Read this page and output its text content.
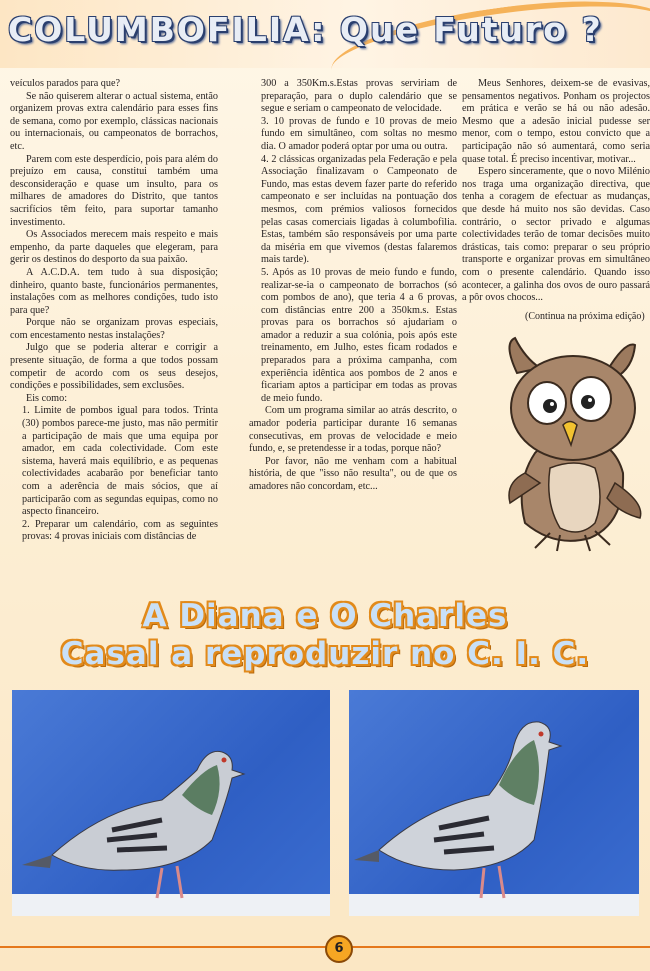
COLUMBOFILIA: Que Futuro ?

veículos parados para que?

Se não quiserem alterar o actual sistema, então organizem provas extra calendário para esses fins de semana, como por exemplo, clássicas nacionais ou internacionais, ou campeonatos de borrachos, etc.

Parem com este desperdício, pois para além do prejuízo em causa, constitui também uma desconsideração e quase um insulto, para os milhares de amadores do Distrito, que tantos sacrifícios têm feito, para suportar tamanho investimento.

Os Associados merecem mais respeito e mais empenho, da parte daqueles que elegeram, para gerir os destinos do desporto da sua paixão.

A A.C.D.A. tem tudo à sua disposição; dinheiro, quanto baste, funcionários permanentes, instalações com as melhores condições, tudo isto para que?

Porque não se organizam provas especiais, com encestamento nestas instalações?

Julgo que se poderia alterar e corrigir a presente situação, de forma a que todos possam competir de acordo com os seus desejos, condições e possibilidades, sem exclusões.

Eis como:

1. Limite de pombos igual para todos. Trinta (30) pombos parece-me justo, mas não permitir a participação de mais que uma equipa por amador, em cada colectividade. Com este sistema, haverá mais equilíbrio, e as pequenas colectividades acabarão por beneficiar tanto com a aderência de mais sócios, que aí participarão com as segundas equipas, como no aspecto financeiro.

2. Preparar um calendário, com as seguintes provas: 4 provas iniciais com distâncias de

300 a 350Km.s.Estas provas serviriam de preparação, para o duplo calendário que se segue e seriam o campeonato de velocidade.

3. 10 provas de fundo e 10 provas de meio fundo em simultâneo, com soltas no mesmo dia. O amador poderá optar por uma ou outra.

4. 2 clássicas organizadas pela Federação e pela Associação finalizavam o Campeonato de Fundo, mas estas devem fazer parte do referido campeonato e ser incluídas na pontuação dos mesmos, com prémios valiosos fornecidos pelas casas comerciais ligadas à columbofilia. Estas, também são responsáveis por uma parte da miséria em que vivemos (destas falaremos mais tarde).

5. Após as 10 provas de meio fundo e fundo, realizar-se-ia o campeonato de borrachos (só com pombos de ano), que teria 4 a 6 provas, com distâncias entre 200 a 350km.s. Estas provas para os borrachos só ajudariam o amador a reduzir a sua colónia, pois após este treinamento, em Julho, estes ficam rodados e preparados para a próxima campanha, com experiência idêntica aos pombos de 2 anos e ficariam aptos a participar em todas as provas de meio fundo.

Com um programa similar ao atrás descrito, o amador poderia participar durante 16 semanas consecutivas, em provas de velocidade e meio fundo, e, se pretendesse ir a todas, porque não?

Por favor, não me venham com a habitual história, de que "isso não resulta", ou de que os amadores não concordam, etc...

Meus Senhores, deixem-se de evasivas, pensamentos negativos. Ponham os projectos em prática e verão se há ou não adesão. Mesmo que a adesão inicial pudesse ser menor, com o tempo, estou convicto que a participação não só aumentará, como seria quase total. É preciso incentivar, motivar...

Espero sinceramente, que o novo Milénio nos traga uma organização directiva, que tenha a coragem de efectuar as mudanças, que desde há muito nos são devidas. Caso contrário, o sector privado e algumas colectividades terão de tomar decisões muito drásticas, tais como: preparar o seu próprio transporte e organizar provas em simultâneo com o presente calendário. Quando isso acontecer, a galinha dos ovos de ouro passará a pôr ovos chocos...

(Continua na próxima edição)
A Diana e O Charles
Casal a reproduzir no C. I. C.
6
